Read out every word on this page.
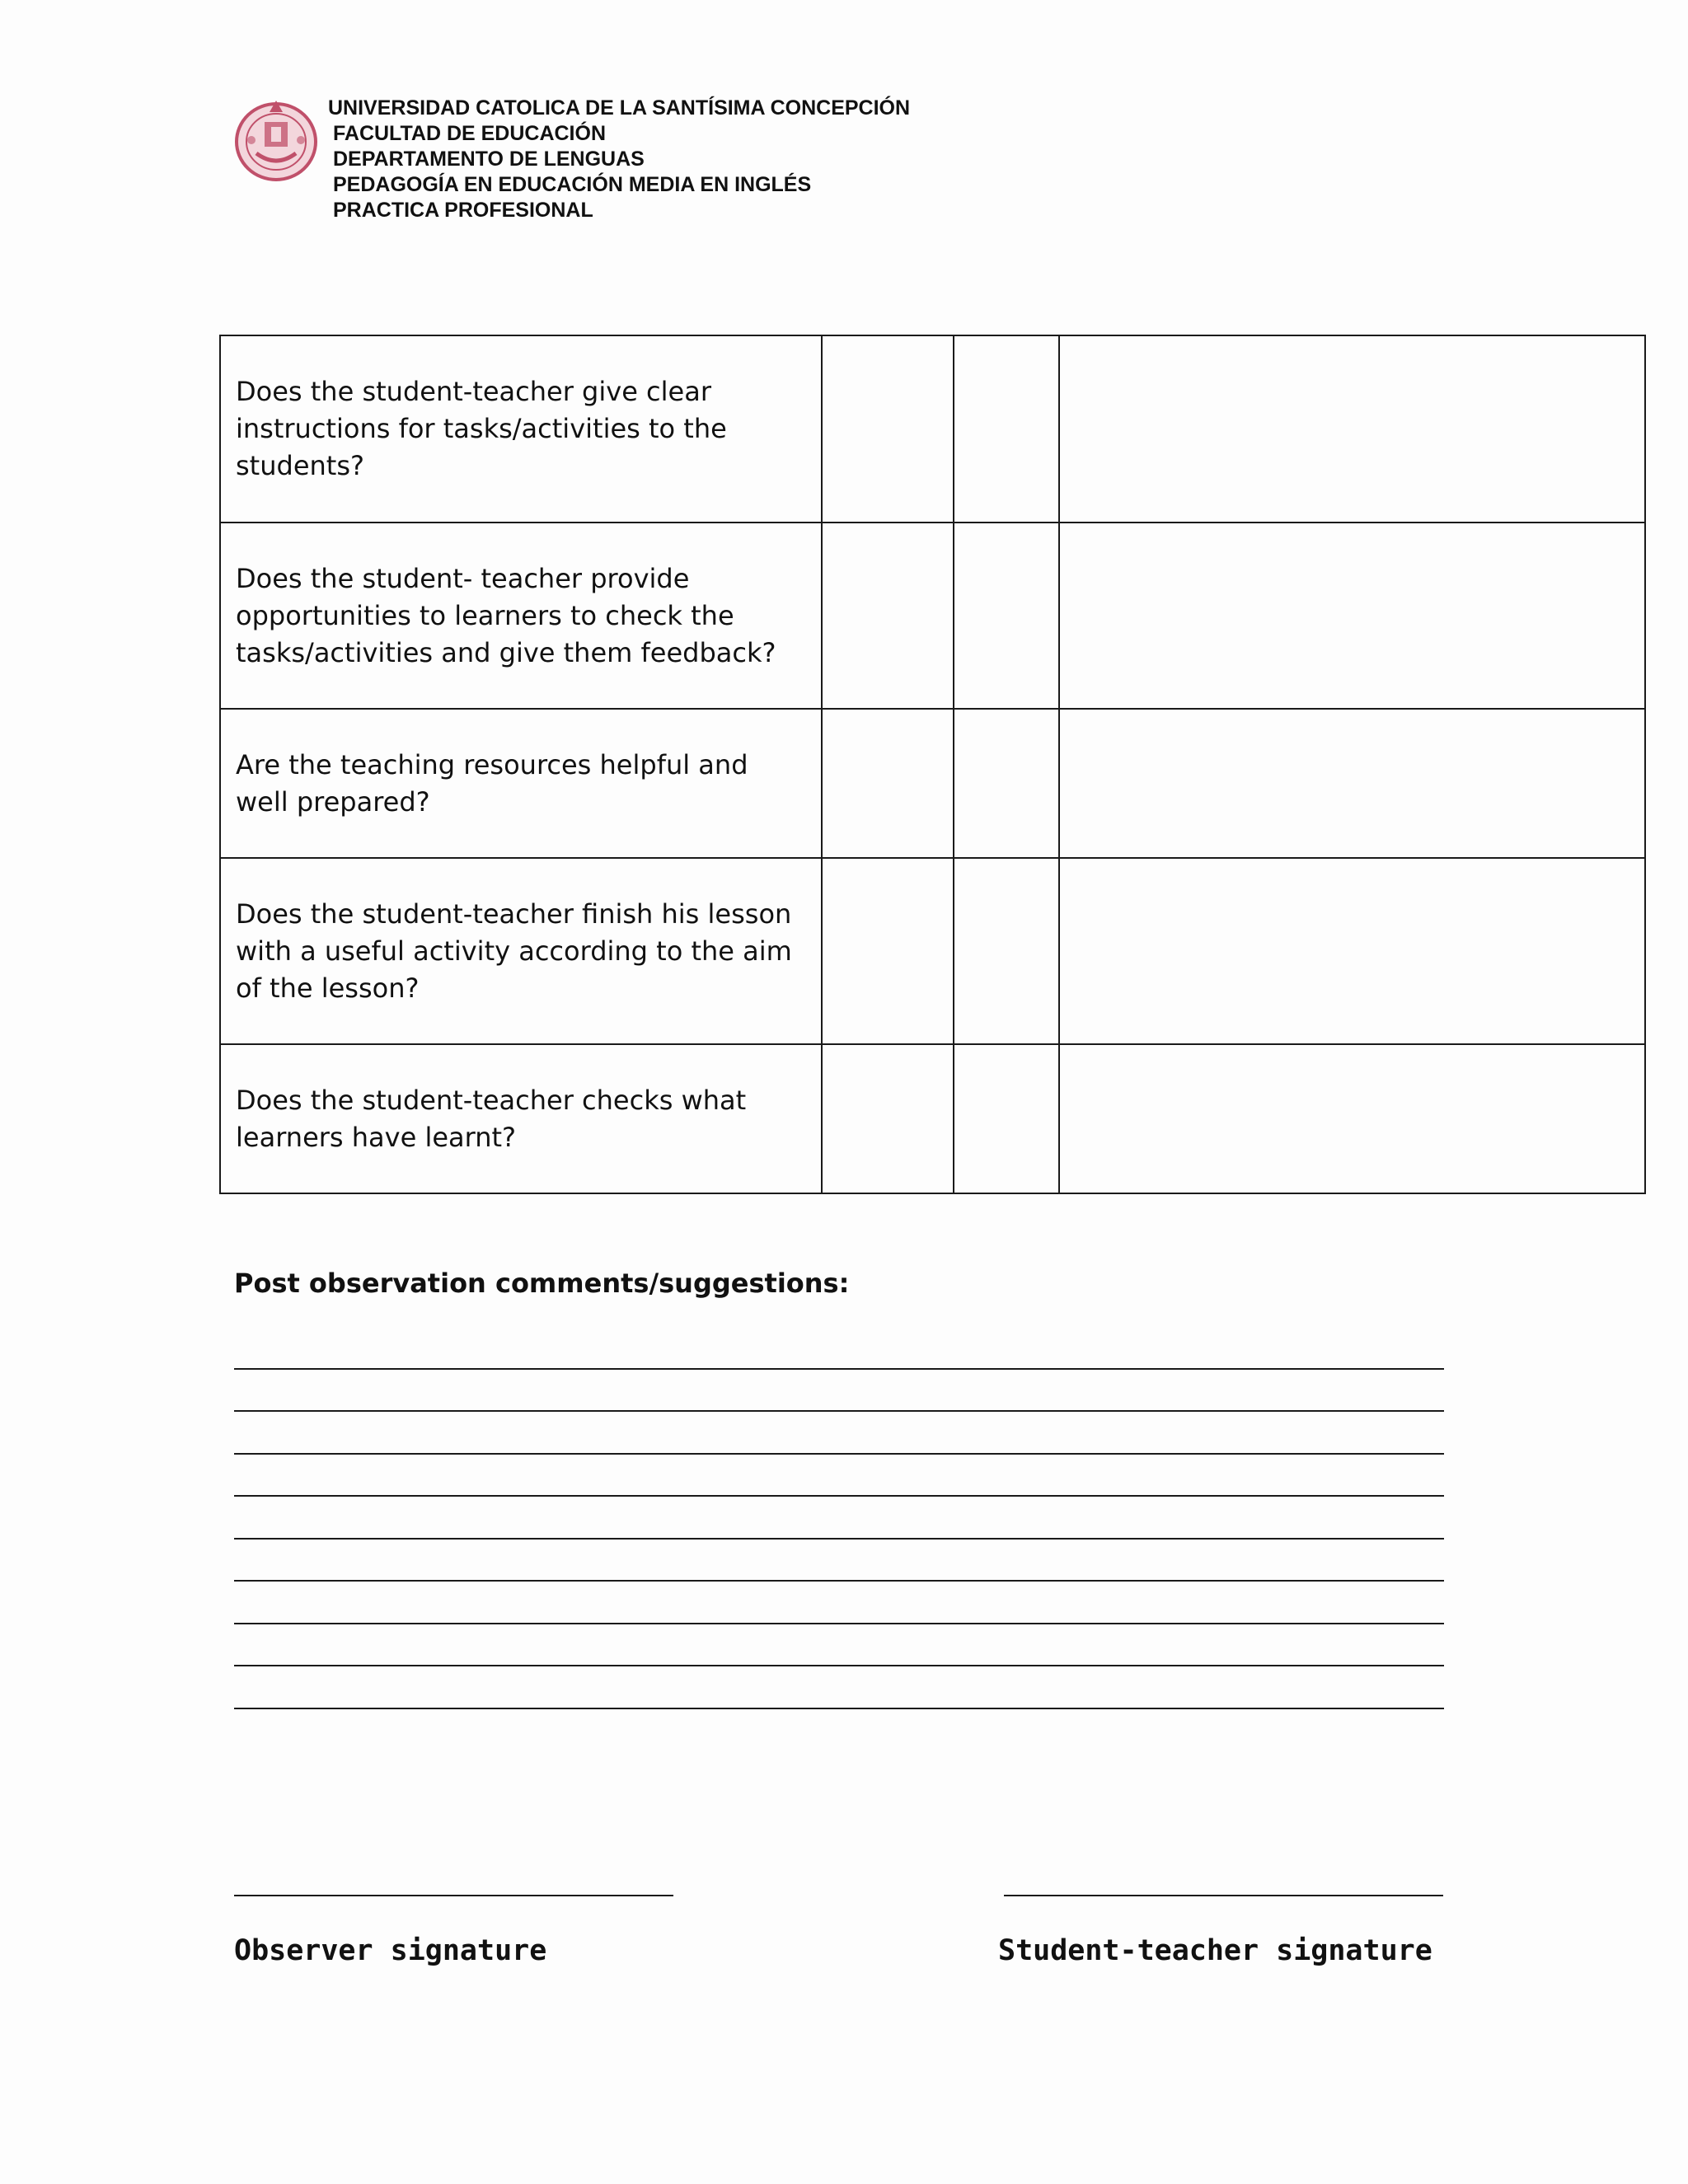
UNIVERSIDAD CATOLICA DE LA SANTÍSIMA CONCEPCIÓN
FACULTAD DE EDUCACIÓN
DEPARTAMENTO DE LENGUAS
PEDAGOGÍA EN EDUCACIÓN MEDIA EN INGLÉS
PRACTICA PROFESIONAL
Does the student-teacher give clear instructions for tasks/activities to the students?			
Does the student- teacher provide opportunities to learners to check the tasks/activities and give them feedback?			
Are the teaching resources helpful and well prepared?			
Does the student-teacher finish his lesson with a useful activity according to the aim of the lesson?			
Does the student-teacher checks what learners have learnt?			
Post observation comments/suggestions:
Observer signature	Student-teacher signature
